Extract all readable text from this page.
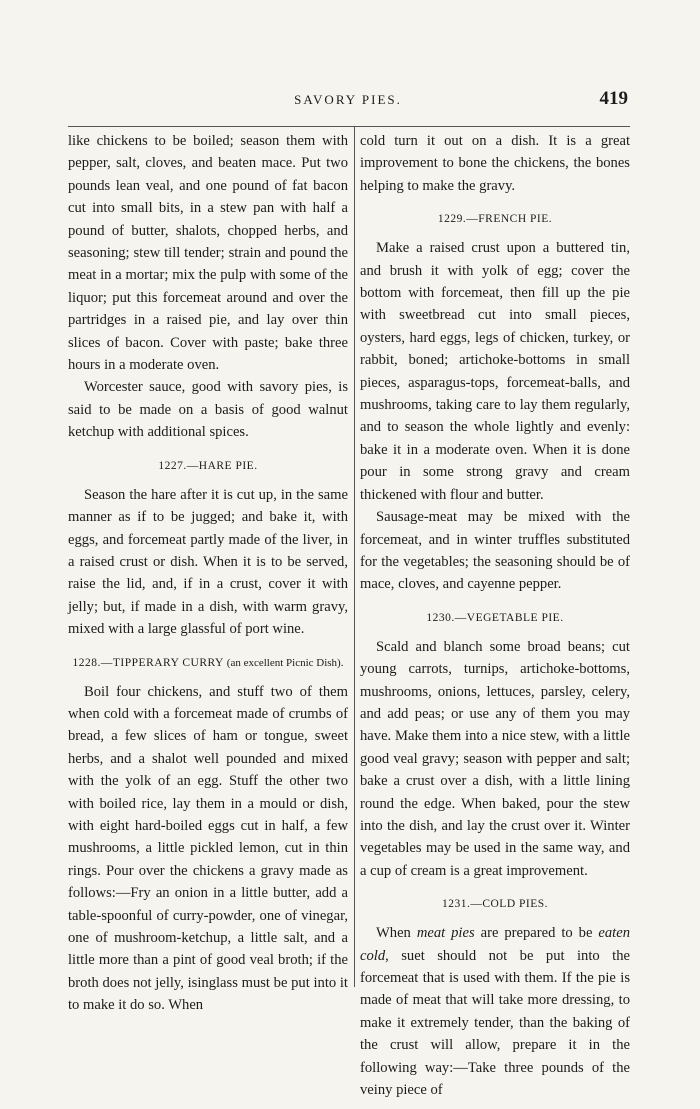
SAVORY PIES.	419

like chickens to be boiled; season them with pepper, salt, cloves, and beaten mace. Put two pounds lean veal, and one pound of fat bacon cut into small bits, in a stew pan with half a pound of butter, shalots, chopped herbs, and seasoning; stew till tender; strain and pound the meat in a mortar; mix the pulp with some of the liquor; put this forcemeat around and over the partridges in a raised pie, and lay over thin slices of bacon. Cover with paste; bake three hours in a moderate oven.

Worcester sauce, good with savory pies, is said to be made on a basis of good walnut ketchup with additional spices.

1227.—HARE PIE.

Season the hare after it is cut up, in the same manner as if to be jugged; and bake it, with eggs, and forcemeat partly made of the liver, in a raised crust or dish. When it is to be served, raise the lid, and, if in a crust, cover it with jelly; but, if made in a dish, with warm gravy, mixed with a large glassful of port wine.

1228.—TIPPERARY CURRY (an excellent Picnic Dish).

Boil four chickens, and stuff two of them when cold with a forcemeat made of crumbs of bread, a few slices of ham or tongue, sweet herbs, and a shalot well pounded and mixed with the yolk of an egg. Stuff the other two with boiled rice, lay them in a mould or dish, with eight hard-boiled eggs cut in half, a few mushrooms, a little pickled lemon, cut in thin rings. Pour over the chickens a gravy made as follows:—Fry an onion in a little butter, add a table-spoonful of curry-powder, one of vinegar, one of mushroom-ketchup, a little salt, and a little more than a pint of good veal broth; if the broth does not jelly, isinglass must be put into it to make it do so. When

cold turn it out on a dish. It is a great improvement to bone the chickens, the bones helping to make the gravy.

1229.—FRENCH PIE.

Make a raised crust upon a buttered tin, and brush it with yolk of egg; cover the bottom with forcemeat, then fill up the pie with sweetbread cut into small pieces, oysters, hard eggs, legs of chicken, turkey, or rabbit, boned; artichoke-bottoms in small pieces, asparagus-tops, forcemeat-balls, and mushrooms, taking care to lay them regularly, and to season the whole lightly and evenly: bake it in a moderate oven. When it is done pour in some strong gravy and cream thickened with flour and butter.

Sausage-meat may be mixed with the forcemeat, and in winter truffles substituted for the vegetables; the seasoning should be of mace, cloves, and cayenne pepper.

1230.—VEGETABLE PIE.

Scald and blanch some broad beans; cut young carrots, turnips, artichoke-bottoms, mushrooms, onions, lettuces, parsley, celery, and add peas; or use any of them you may have. Make them into a nice stew, with a little good veal gravy; season with pepper and salt; bake a crust over a dish, with a little lining round the edge. When baked, pour the stew into the dish, and lay the crust over it. Winter vegetables may be used in the same way, and a cup of cream is a great improvement.

1231.—COLD PIES.

When meat pies are prepared to be eaten cold, suet should not be put into the forcemeat that is used with them. If the pie is made of meat that will take more dressing, to make it extremely tender, than the baking of the crust will allow, prepare it in the following way:—Take three pounds of the veiny piece of
